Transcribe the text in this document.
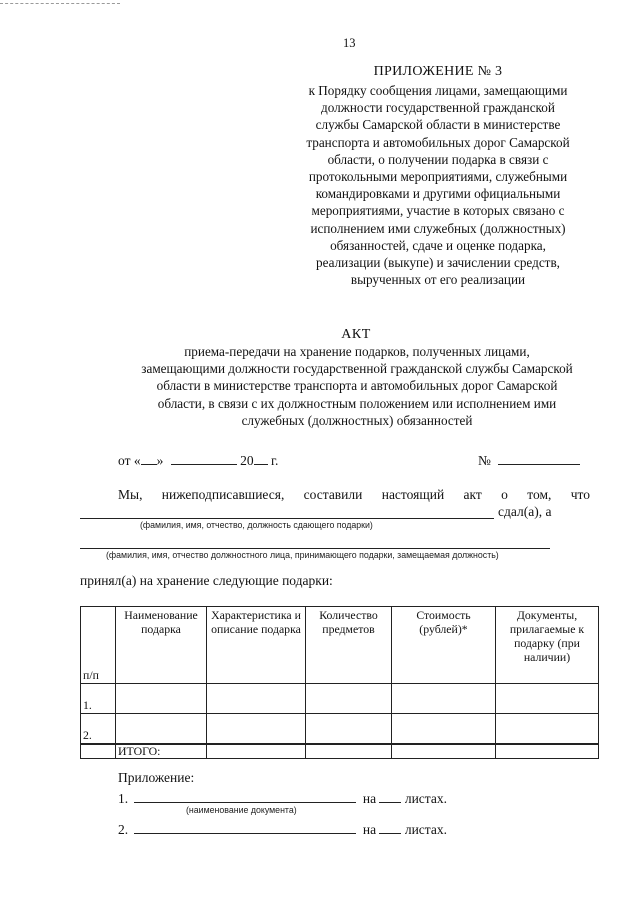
13
ПРИЛОЖЕНИЕ № 3
к Порядку сообщения лицами, замещающими
должности государственной гражданской
службы Самарской области в министерстве
транспорта и автомобильных дорог Самарской
области, о получении подарка в связи с
протокольными мероприятиями, служебными
командировками и другими официальными
мероприятиями, участие в которых связано с
исполнением ими служебных (должностных)
обязанностей, сдаче и оценке подарка,
реализации (выкупе) и зачислении средств,
вырученных от его реализации
АКТ
приема-передачи на хранение подарков, полученных лицами,
замещающими должности государственной гражданской службы Самарской
области в министерстве транспорта и автомобильных дорог Самарской
области, в связи с их должностным положением или исполнением ими
служебных (должностных) обязанностей
от « »	20 г.	№
Мы, нижеподписавшиеся, составили настоящий акт о том, что
сдал(а), а
(фамилия, имя, отчество, должность сдающего подарки)
(фамилия, имя, отчество должностного лица, принимающего подарки, замещаемая должность)
принял(а) на хранение следующие подарки:
п/п	Наименование подарка	Характеристика и описание подарка	Количество предметов	Стоимость (рублей)*	Документы, прилагаемые к подарку (при наличии)
1.					
2.					
	ИТОГО:				
Приложение:
1.	на листах.
(наименование документа)
2.	на листах.
